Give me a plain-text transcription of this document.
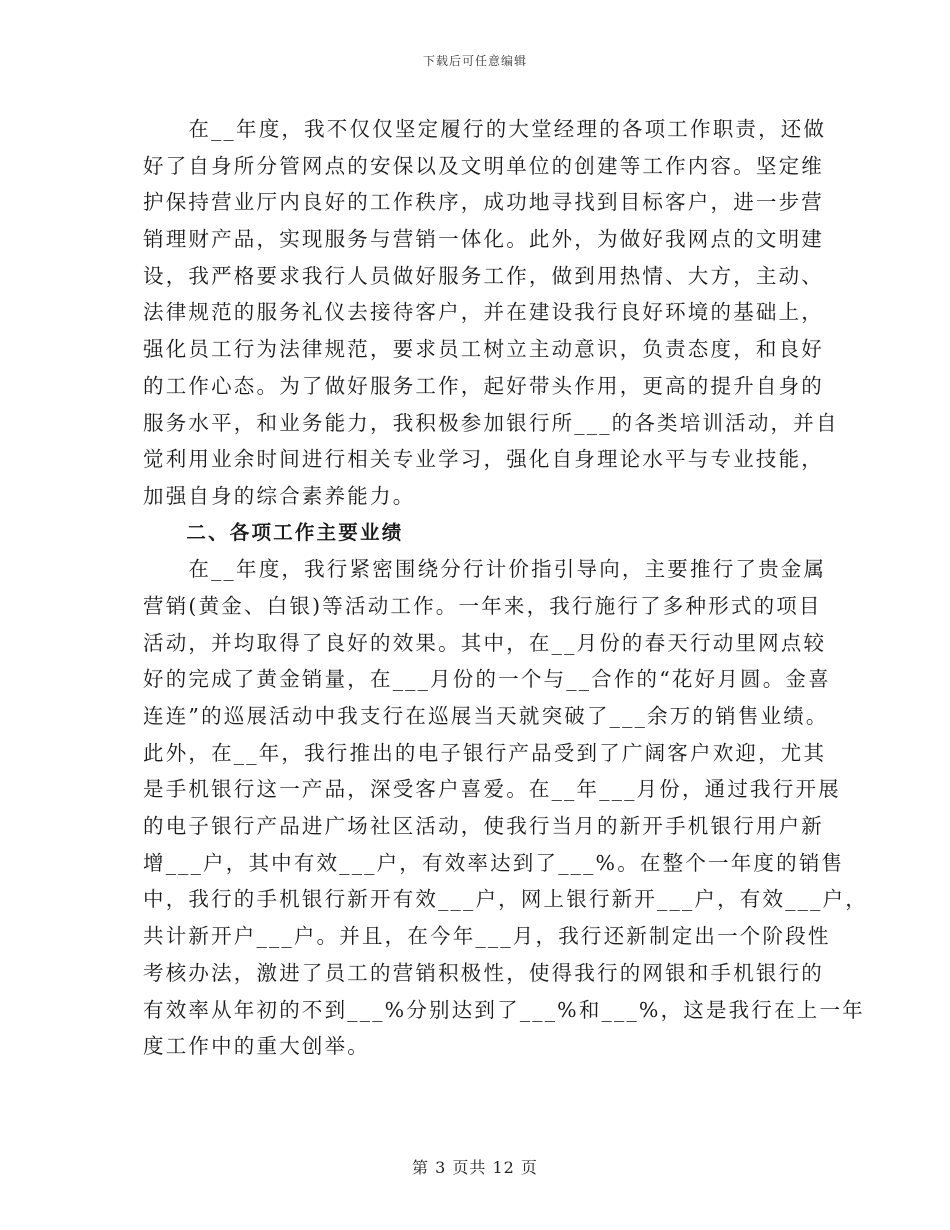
下载后可任意编辑
　　在__年度，我不仅仅坚定履行的大堂经理的各项工作职责，还做
好了自身所分管网点的安保以及文明单位的创建等工作内容。坚定维
护保持营业厅内良好的工作秩序，成功地寻找到目标客户，进一步营
销理财产品，实现服务与营销一体化。此外，为做好我网点的文明建
设，我严格要求我行人员做好服务工作，做到用热情、大方，主动、
法律规范的服务礼仪去接待客户，并在建设我行良好环境的基础上，
强化员工行为法律规范，要求员工树立主动意识，负责态度，和良好
的工作心态。为了做好服务工作，起好带头作用，更高的提升自身的
服务水平，和业务能力，我积极参加银行所___的各类培训活动，并自
觉利用业余时间进行相关专业学习，强化自身理论水平与专业技能，
加强自身的综合素养能力。
　　二、各项工作主要业绩
　　在__年度，我行紧密围绕分行计价指引导向，主要推行了贵金属
营销(黄金、白银)等活动工作。一年来，我行施行了多种形式的项目
活动，并均取得了良好的效果。其中，在__月份的春天行动里网点较
好的完成了黄金销量，在___月份的一个与__合作的“花好月圆。金喜
连连”的巡展活动中我支行在巡展当天就突破了___余万的销售业绩。
此外，在__年，我行推出的电子银行产品受到了广阔客户欢迎，尤其
是手机银行这一产品，深受客户喜爱。在__年___月份，通过我行开展
的电子银行产品进广场社区活动，使我行当月的新开手机银行用户新
增___户，其中有效___户，有效率达到了___%。在整个一年度的销售
中，我行的手机银行新开有效___户，网上银行新开___户，有效___户，
共计新开户___户。并且，在今年___月，我行还新制定出一个阶段性
考核办法，激进了员工的营销积极性，使得我行的网银和手机银行的
有效率从年初的不到___%分别达到了___%和___%，这是我行在上一年
度工作中的重大创举。
第 3 页共 12 页
